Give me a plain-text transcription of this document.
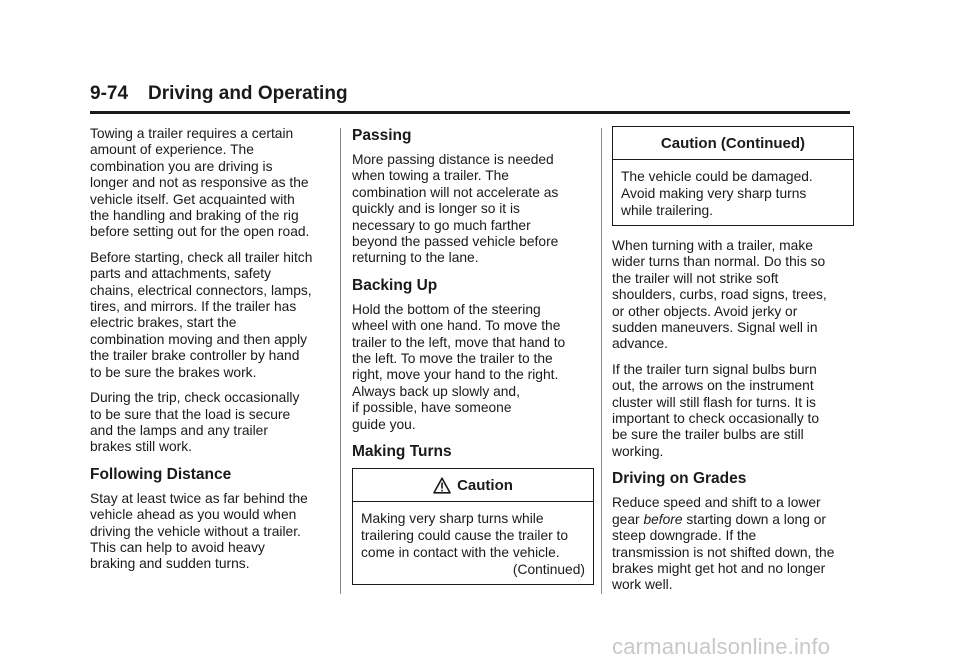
9-74 Driving and Operating

Towing a trailer requires a certain
amount of experience. The
combination you are driving is
longer and not as responsive as the
vehicle itself. Get acquainted with
the handling and braking of the rig
before setting out for the open road.

Before starting, check all trailer hitch
parts and attachments, safety
chains, electrical connectors, lamps,
tires, and mirrors. If the trailer has
electric brakes, start the
combination moving and then apply
the trailer brake controller by hand
to be sure the brakes work.

During the trip, check occasionally
to be sure that the load is secure
and the lamps and any trailer
brakes still work.

Following Distance

Stay at least twice as far behind the
vehicle ahead as you would when
driving the vehicle without a trailer.
This can help to avoid heavy
braking and sudden turns.

Passing

More passing distance is needed
when towing a trailer. The
combination will not accelerate as
quickly and is longer so it is
necessary to go much farther
beyond the passed vehicle before
returning to the lane.

Backing Up

Hold the bottom of the steering
wheel with one hand. To move the
trailer to the left, move that hand to
the left. To move the trailer to the
right, move your hand to the right.
Always back up slowly and,
if possible, have someone
guide you.

Making Turns
Caution

Making very sharp turns while
trailering could cause the trailer to
come in contact with the vehicle.

(Continued)
Caution (Continued)

The vehicle could be damaged.
Avoid making very sharp turns
while trailering.

When turning with a trailer, make
wider turns than normal. Do this so
the trailer will not strike soft
shoulders, curbs, road signs, trees,
or other objects. Avoid jerky or
sudden maneuvers. Signal well in
advance.

If the trailer turn signal bulbs burn
out, the arrows on the instrument
cluster will still flash for turns. It is
important to check occasionally to
be sure the trailer bulbs are still
working.

Driving on Grades

Reduce speed and shift to a lower
gear before starting down a long or
steep downgrade. If the
transmission is not shifted down, the
brakes might get hot and no longer
work well.

carmanualsonline.info
